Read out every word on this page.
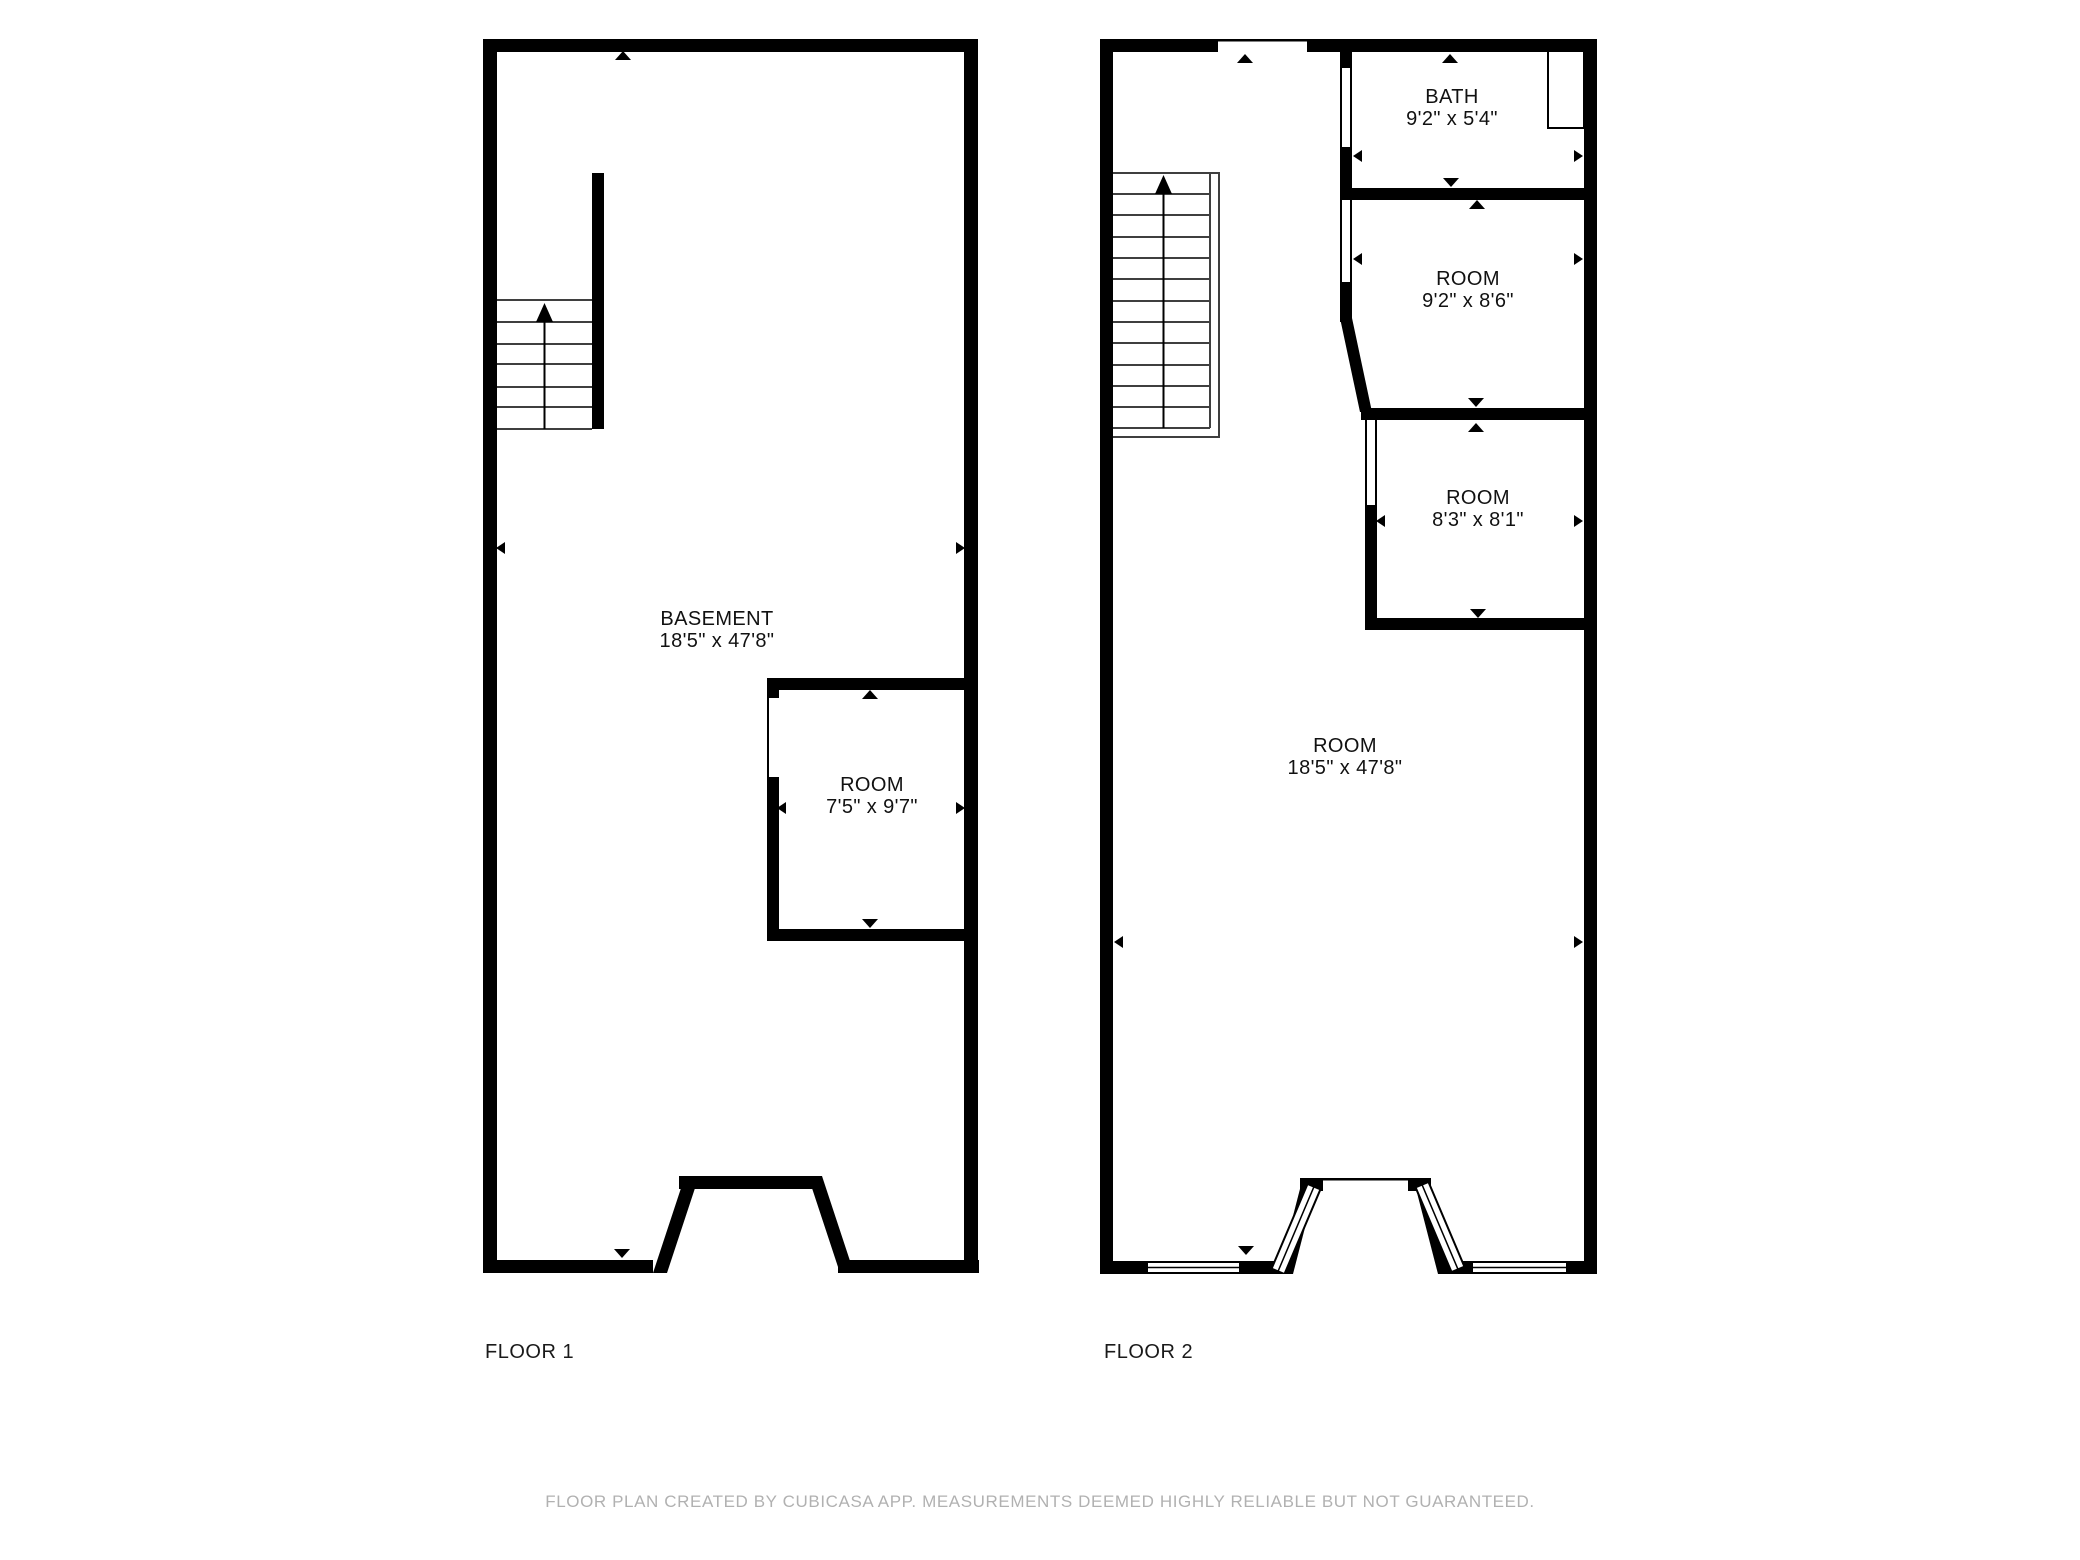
BASEMENT
18'5" x 47'8"
ROOM
7'5" x 9'7"
BATH
9'2" x 5'4"
ROOM
9'2" x 8'6"
ROOM
8'3" x 8'1"
ROOM
18'5" x 47'8"
FLOOR 1	FLOOR 2
FLOOR PLAN CREATED BY CUBICASA APP. MEASUREMENTS DEEMED HIGHLY RELIABLE BUT NOT GUARANTEED.
